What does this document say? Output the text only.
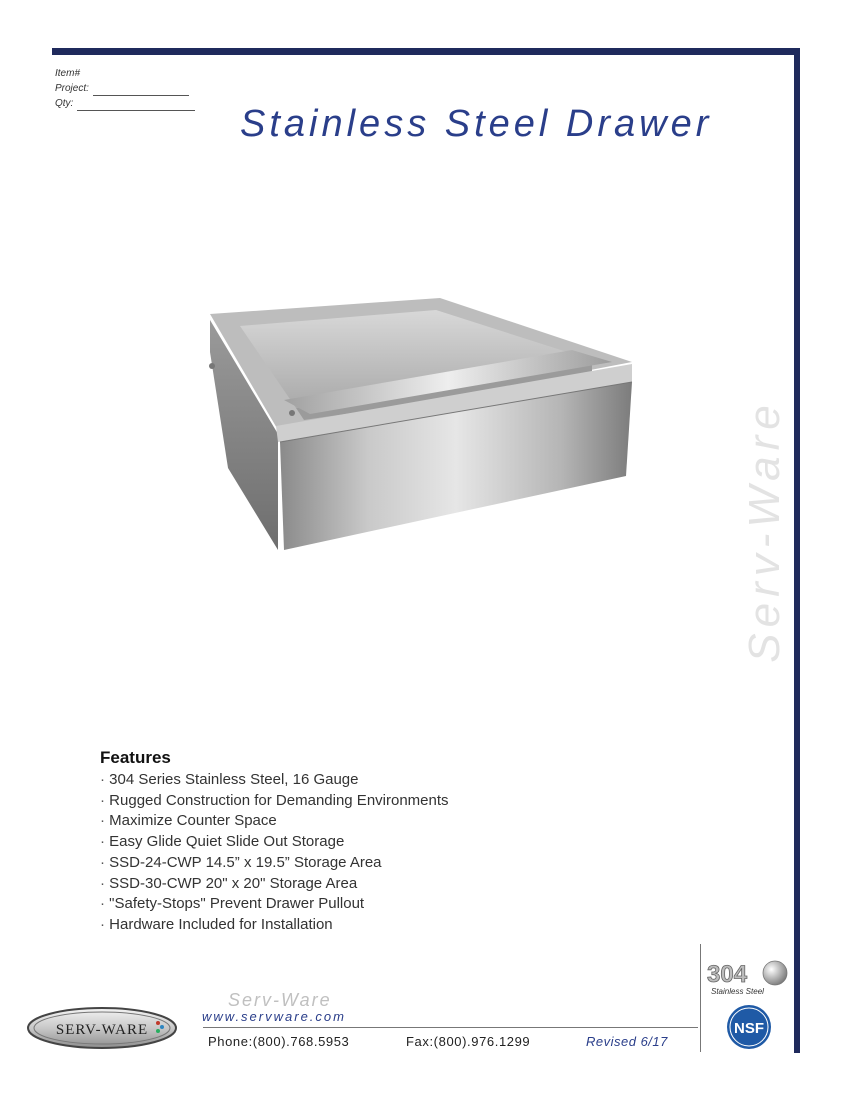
Item#
Project:
Qty:	Stainless Steel Drawer
Serv-Ware
Features
· 304 Series Stainless Steel, 16 Gauge
· Rugged Construction for Demanding Environments
· Maximize Counter Space
· Easy Glide Quiet Slide Out Storage
· SSD-24-CWP 14.5” x 19.5” Storage Area
· SSD-30-CWP 20" x 20" Storage Area
· "Safety-Stops" Prevent Drawer Pullout
· Hardware Included for Installation
SERV-WARE
Serv-Ware
www.servware.com
Phone:(800).768.5953	Fax:(800).976.1299	Revised 6/17
304
Stainless Steel
NSF
